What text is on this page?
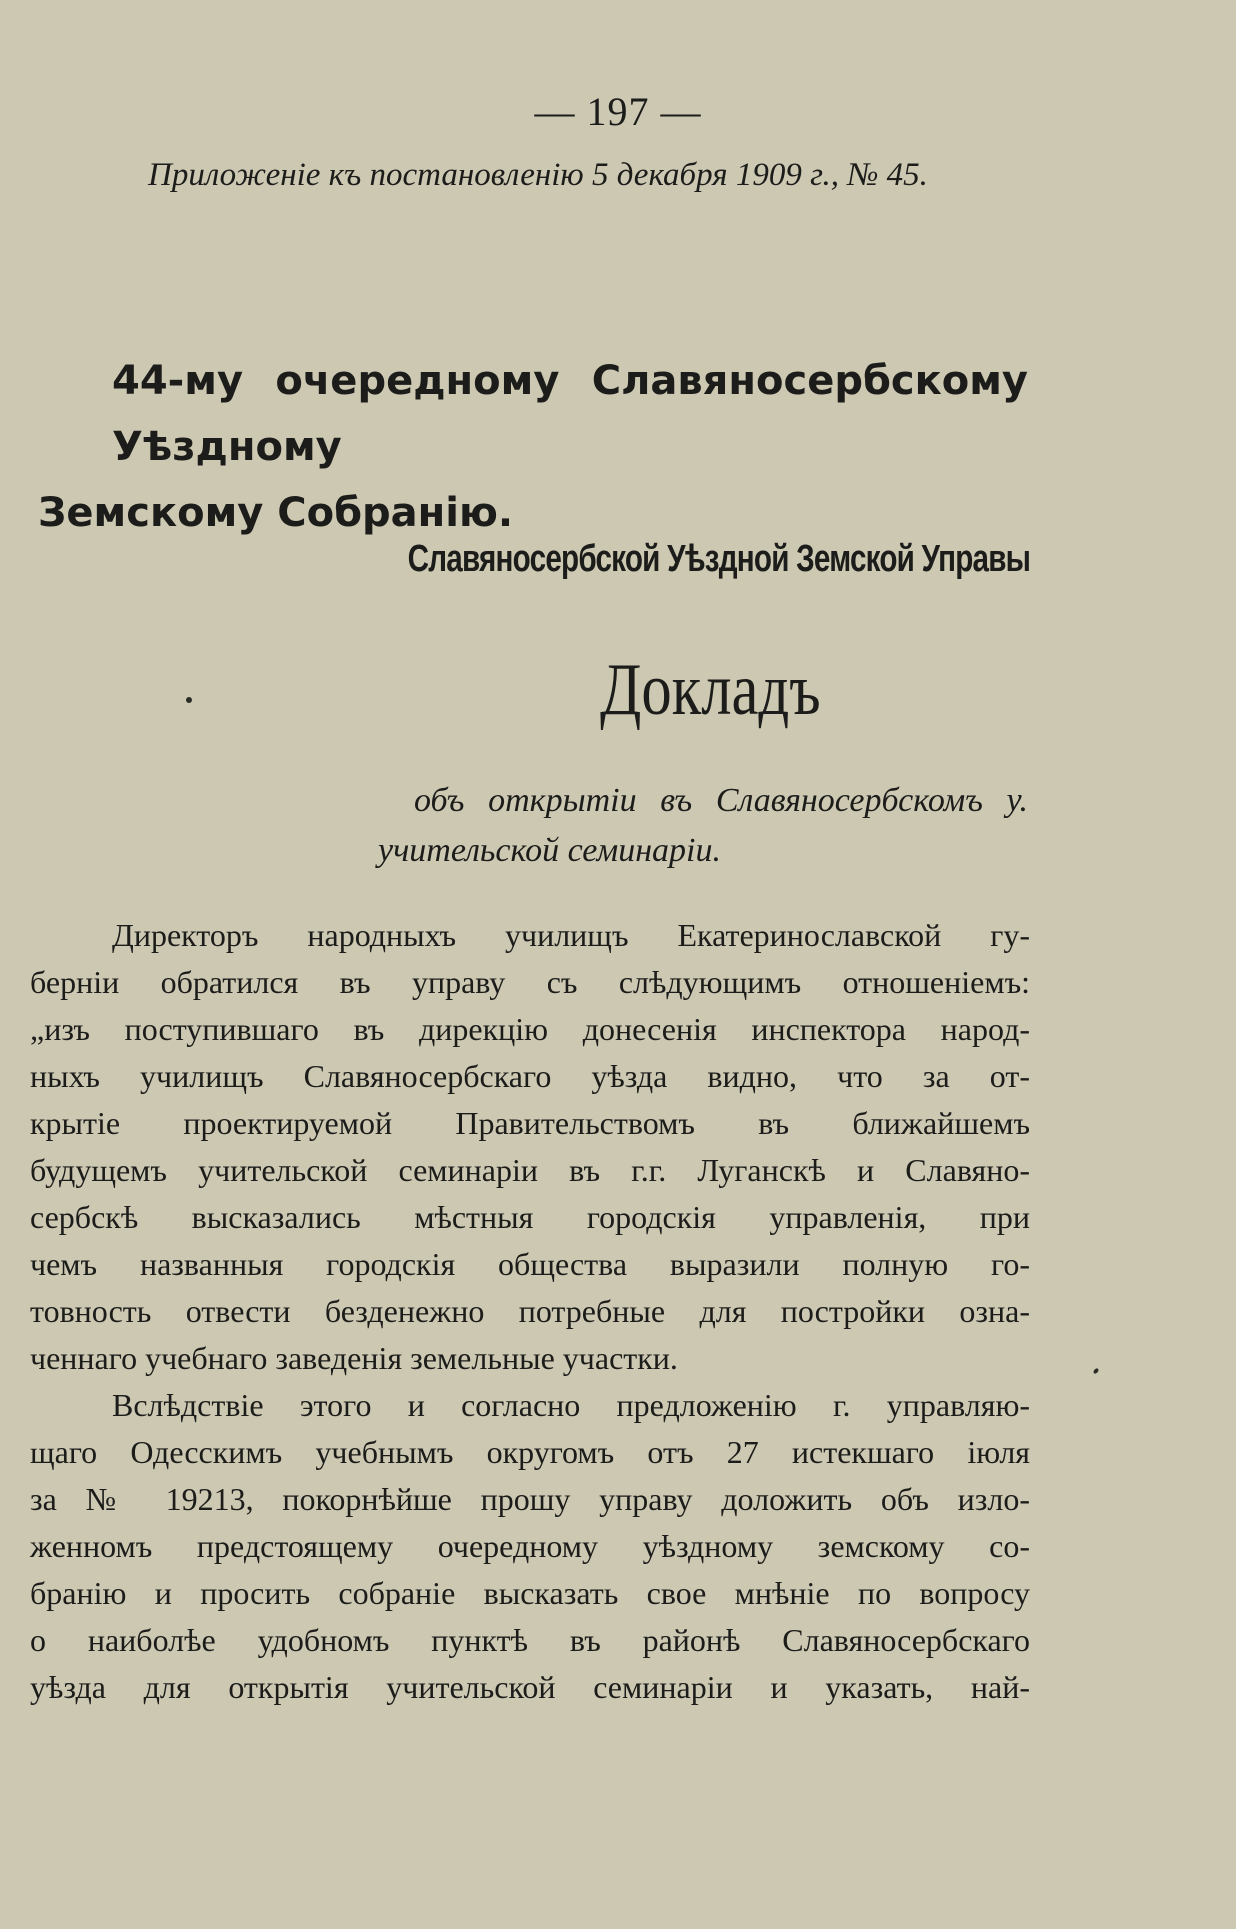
— 197 —
Приложеніе къ постановленію 5 декабря 1909 г., № 45.
44-му очередному Славяносербскому Уѣздному
Земскому Собранію.
Славяносербской Уѣздной Земской Управы
Докладъ
объ открытіи въ Славяносербскомъ у.
учительской семинаріи.
Директоръ народныхъ училищъ Екатеринославской гу-
берніи обратился въ управу съ слѣдующимъ отношеніемъ:
„изъ поступившаго въ дирекцію донесенія инспектора народ-
ныхъ училищъ Славяносербскаго уѣзда видно, что за от-
крытіе проектируемой Правительствомъ въ ближайшемъ
будущемъ учительской семинаріи въ г.г. Луганскѣ и Славяно-
сербскѣ высказались мѣстныя городскія управленія, при
чемъ названныя городскія общества выразили полную го-
товность отвести безденежно потребные для постройки озна-
ченнаго учебнаго заведенія земельные участки.
Вслѣдствіе этого и согласно предложенію г. управляю-
щаго Одесскимъ учебнымъ округомъ отъ 27 истекшаго іюля
за № 19213, покорнѣйше прошу управу доложить объ изло-
женномъ предстоящему очередному уѣздному земскому со-
бранію и просить собраніе высказать свое мнѣніе по вопросу
о наиболѣе удобномъ пунктѣ въ районѣ Славяносербскаго
уѣзда для открытія учительской семинаріи и указать, най-
